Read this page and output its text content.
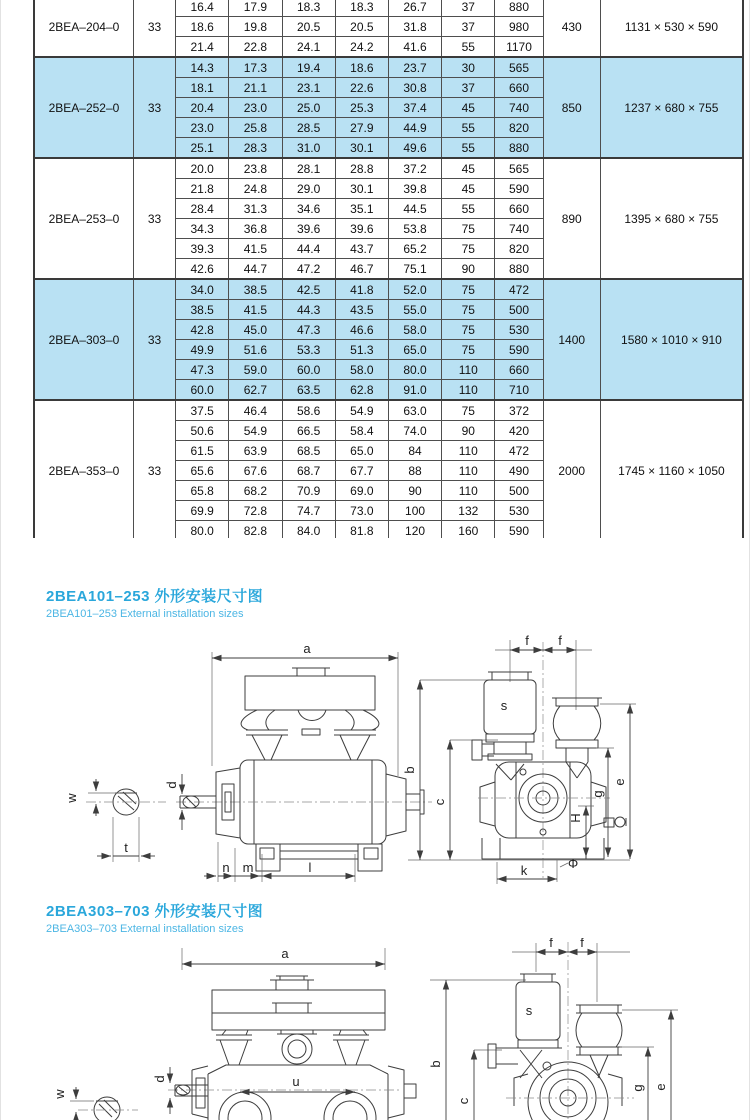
2BEA–204–0	33	16.4	17.9	18.3	18.3	26.7	37	880	430	1131 × 530 × 590
		18.6	19.8	20.5	20.5	31.8	37	980		
		21.4	22.8	24.1	24.2	41.6	55	1170		
2BEA–252–0	33	14.3	17.3	19.4	18.6	23.7	30	565	850	1237 × 680 × 755
		18.1	21.1	23.1	22.6	30.8	37	660		
		20.4	23.0	25.0	25.3	37.4	45	740		
		23.0	25.8	28.5	27.9	44.9	55	820		
		25.1	28.3	31.0	30.1	49.6	55	880		
2BEA–253–0	33	20.0	23.8	28.1	28.8	37.2	45	565	890	1395 × 680 × 755
		21.8	24.8	29.0	30.1	39.8	45	590		
		28.4	31.3	34.6	35.1	44.5	55	660		
		34.3	36.8	39.6	39.6	53.8	75	740		
		39.3	41.5	44.4	43.7	65.2	75	820		
		42.6	44.7	47.2	46.7	75.1	90	880		
2BEA–303–0	33	34.0	38.5	42.5	41.8	52.0	75	472	1400	1580 × 1010 × 910
		38.5	41.5	44.3	43.5	55.0	75	500		
		42.8	45.0	47.3	46.6	58.0	75	530		
		49.9	51.6	53.3	51.3	65.0	75	590		
		47.3	59.0	60.0	58.0	80.0	110	660		
		60.0	62.7	63.5	62.8	91.0	110	710		
2BEA–353–0	33	37.5	46.4	58.6	54.9	63.0	75	372	2000	1745 × 1160 × 1050
		50.6	54.9	66.5	58.4	74.0	90	420		
		61.5	63.9	68.5	65.0	84	110	472		
		65.6	67.6	68.7	67.7	88	110	490		
		65.8	68.2	70.9	69.0	90	110	500		
		69.9	72.8	74.7	73.0	100	132	530		
		80.0	82.8	84.0	81.8	120	160	590		
2BEA101–253 外形安装尺寸图
2BEA101–253 External installation sizes
w
t
a
d
n m	l
b
c
f f
s
e
g
H
Φ
k
2BEA303–703 外形安装尺寸图
2BEA303–703 External installation sizes
w
a
u
d
b
c
f f
s
g e
